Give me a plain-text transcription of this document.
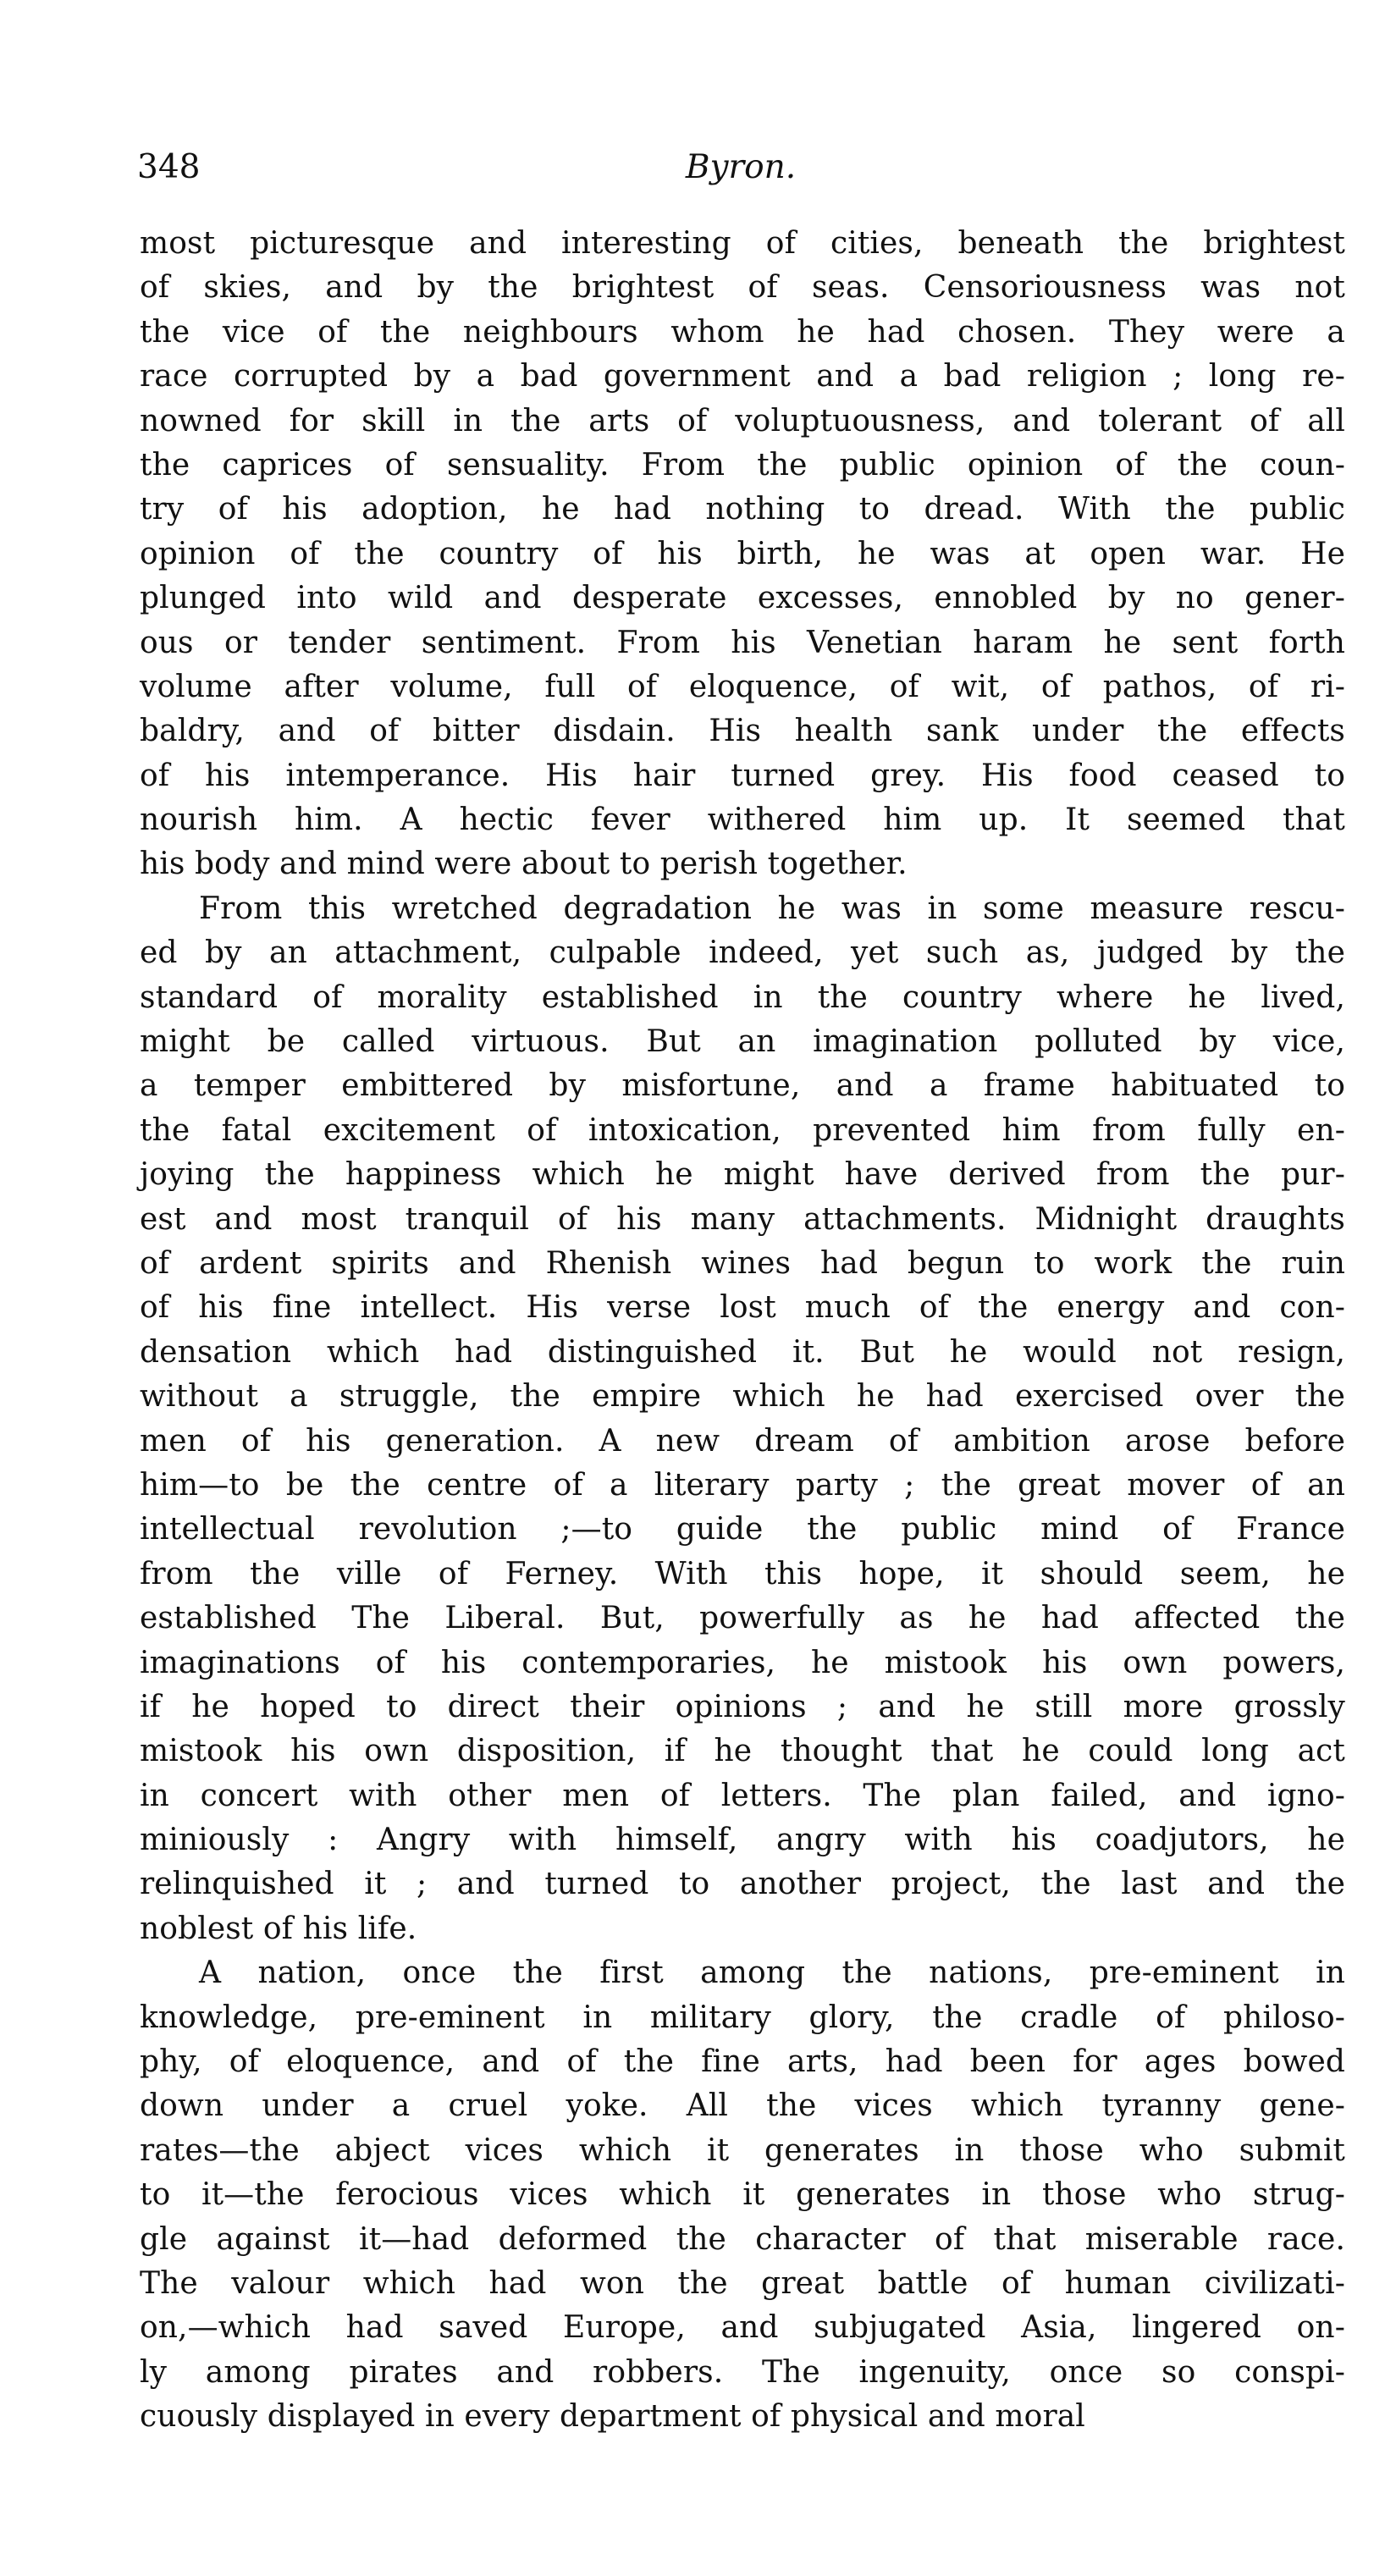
348	Byron.
most picturesque and interesting of cities, beneath the brightest
of skies, and by the brightest of seas. Censoriousness was not
the vice of the neighbours whom he had chosen. They were a
race corrupted by a bad government and a bad religion ; long re-
nowned for skill in the arts of voluptuousness, and tolerant of all
the caprices of sensuality. From the public opinion of the coun-
try of his adoption, he had nothing to dread. With the public
opinion of the country of his birth, he was at open war. He
plunged into wild and desperate excesses, ennobled by no gener-
ous or tender sentiment. From his Venetian haram he sent forth
volume after volume, full of eloquence, of wit, of pathos, of ri-
baldry, and of bitter disdain. His health sank under the effects
of his intemperance. His hair turned grey. His food ceased to
nourish him. A hectic fever withered him up. It seemed that
his body and mind were about to perish together.
From this wretched degradation he was in some measure rescu-
ed by an attachment, culpable indeed, yet such as, judged by the
standard of morality established in the country where he lived,
might be called virtuous. But an imagination polluted by vice,
a temper embittered by misfortune, and a frame habituated to
the fatal excitement of intoxication, prevented him from fully en-
joying the happiness which he might have derived from the pur-
est and most tranquil of his many attachments. Midnight draughts
of ardent spirits and Rhenish wines had begun to work the ruin
of his fine intellect. His verse lost much of the energy and con-
densation which had distinguished it. But he would not resign,
without a struggle, the empire which he had exercised over the
men of his generation. A new dream of ambition arose before
him—to be the centre of a literary party ; the great mover of an
intellectual revolution ;—to guide the public mind of France
from the ville of Ferney. With this hope, it should seem, he
established The Liberal. But, powerfully as he had affected the
imaginations of his contemporaries, he mistook his own powers,
if he hoped to direct their opinions ; and he still more grossly
mistook his own disposition, if he thought that he could long act
in concert with other men of letters. The plan failed, and igno-
miniously : Angry with himself, angry with his coadjutors, he
relinquished it ; and turned to another project, the last and the
noblest of his life.
A nation, once the first among the nations, pre-eminent in
knowledge, pre-eminent in military glory, the cradle of philoso-
phy, of eloquence, and of the fine arts, had been for ages bowed
down under a cruel yoke. All the vices which tyranny gene-
rates—the abject vices which it generates in those who submit
to it—the ferocious vices which it generates in those who strug-
gle against it—had deformed the character of that miserable race.
The valour which had won the great battle of human civilizati-
on,—which had saved Europe, and subjugated Asia, lingered on-
ly among pirates and robbers. The ingenuity, once so conspi-
cuously displayed in every department of physical and moral
